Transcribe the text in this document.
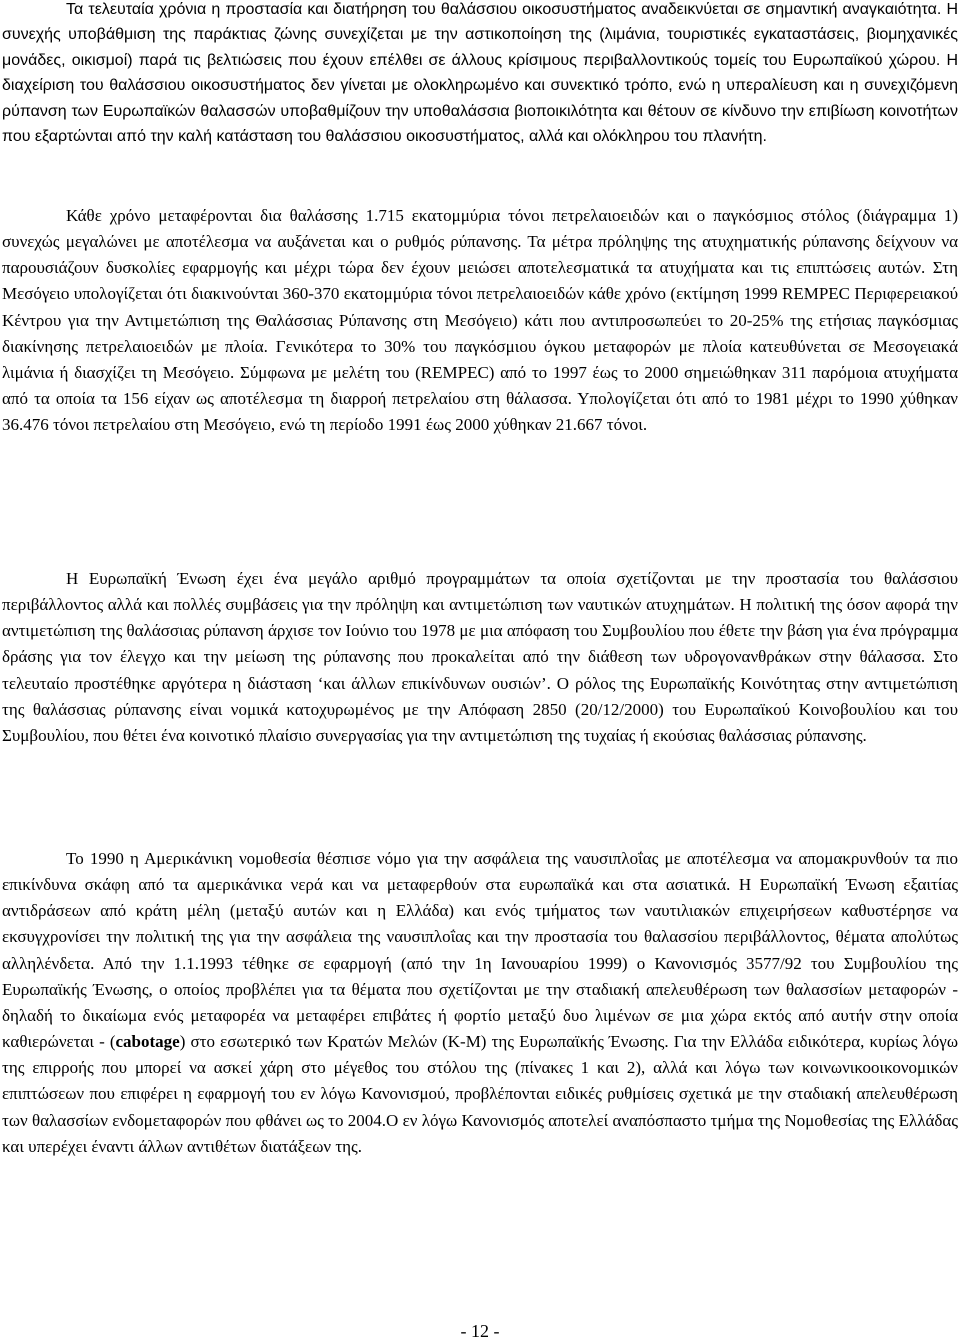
Τα τελευταία χρόνια η προστασία και διατήρηση του θαλάσσιου οικοσυστήματος αναδεικνύεται σε σημαντική αναγκαιότητα. Η συνεχής υποβάθμιση της παράκτιας ζώνης συνεχίζεται με την αστικοποίηση της (λιμάνια, τουριστικές εγκαταστάσεις, βιομηχανικές μονάδες, οικισμοί) παρά τις βελτιώσεις που έχουν επέλθει σε άλλους κρίσιμους περιβαλλοντικούς τομείς του Ευρωπαϊκού χώρου. Η διαχείριση του θαλάσσιου οικοσυστήματος δεν γίνεται με ολοκληρωμένο και συνεκτικό τρόπο, ενώ η υπεραλίευση και η συνεχιζόμενη ρύπανση των Ευρωπαϊκών θαλασσών υποβαθμίζουν την υποθαλάσσια βιοποικιλότητα και θέτουν σε κίνδυνο την επιβίωση κοινοτήτων που εξαρτώνται από την καλή κατάσταση του θαλάσσιου οικοσυστήματος, αλλά και ολόκληρου του πλανήτη.

Κάθε χρόνο μεταφέρονται δια θαλάσσης 1.715 εκατομμύρια τόνοι πετρελαιοειδών και ο παγκόσμιος στόλος (διάγραμμα 1) συνεχώς μεγαλώνει με αποτέλεσμα να αυξάνεται και ο ρυθμός ρύπανσης. Τα μέτρα πρόληψης της ατυχηματικής ρύπανσης δείχνουν να παρουσιάζουν δυσκολίες εφαρμογής και μέχρι τώρα δεν έχουν μειώσει αποτελεσματικά τα ατυχήματα και τις επιπτώσεις αυτών. Στη Μεσόγειο υπολογίζεται ότι διακινούνται 360-370 εκατομμύρια τόνοι πετρελαιοειδών κάθε χρόνο (εκτίμηση 1999 REMPEC Περιφερειακού Κέντρου για την Αντιμετώπιση της Θαλάσσιας Ρύπανσης στη Μεσόγειο) κάτι που αντιπροσωπεύει το 20-25% της ετήσιας παγκόσμιας διακίνησης πετρελαιοειδών με πλοία. Γενικότερα το 30% του παγκόσμιου όγκου μεταφορών με πλοία κατευθύνεται σε Μεσογειακά λιμάνια ή διασχίζει τη Μεσόγειο. Σύμφωνα με μελέτη του (REMPEC) από το 1997 έως το 2000 σημειώθηκαν 311 παρόμοια ατυχήματα από τα οποία τα 156 είχαν ως αποτέλεσμα τη διαρροή πετρελαίου στη θάλασσα. Υπολογίζεται ότι από το 1981 μέχρι το 1990 χύθηκαν 36.476 τόνοι πετρελαίου στη Μεσόγειο, ενώ τη περίοδο 1991 έως 2000 χύθηκαν 21.667 τόνοι.

Η Ευρωπαϊκή Ένωση έχει ένα μεγάλο αριθμό προγραμμάτων τα οποία σχετίζονται με την προστασία του θαλάσσιου περιβάλλοντος αλλά και πολλές συμβάσεις για την πρόληψη και αντιμετώπιση των ναυτικών ατυχημάτων. Η πολιτική της όσον αφορά την αντιμετώπιση της θαλάσσιας ρύπανση άρχισε τον Ιούνιο του 1978 με μια απόφαση του Συμβουλίου που έθετε την βάση για ένα πρόγραμμα δράσης για τον έλεγχο και την μείωση της ρύπανσης που προκαλείται από την διάθεση των υδρογονανθράκων στην θάλασσα. Στο τελευταίο προστέθηκε αργότερα η διάσταση ‘και άλλων επικίνδυνων ουσιών’. Ο ρόλος της Ευρωπαϊκής Κοινότητας στην αντιμετώπιση της θαλάσσιας ρύπανσης είναι νομικά κατοχυρωμένος με την Απόφαση 2850 (20/12/2000) του Ευρωπαϊκού Κοινοβουλίου και του Συμβουλίου, που θέτει ένα κοινοτικό πλαίσιο συνεργασίας για την αντιμετώπιση της τυχαίας ή εκούσιας θαλάσσιας ρύπανσης.

Το 1990 η Αμερικάνικη νομοθεσία θέσπισε νόμο για την ασφάλεια της ναυσιπλοΐας με αποτέλεσμα να απομακρυνθούν τα πιο επικίνδυνα σκάφη από τα αμερικάνικα νερά και να μεταφερθούν στα ευρωπαϊκά και στα ασιατικά. Η Ευρωπαϊκή Ένωση εξαιτίας αντιδράσεων από κράτη μέλη (μεταξύ αυτών και η Ελλάδα) και ενός τμήματος των ναυτιλιακών επιχειρήσεων καθυστέρησε να εκσυγχρονίσει την πολιτική της για την ασφάλεια της ναυσιπλοΐας και την προστασία του θαλασσίου περιβάλλοντος, θέματα απολύτως αλληλένδετα. Από την 1.1.1993 τέθηκε σε εφαρμογή (από την 1η Ιανουαρίου 1999) ο Κανονισμός 3577/92 του Συμβουλίου της Ευρωπαϊκής Ένωσης, ο οποίος προβλέπει για τα θέματα που σχετίζονται με την σταδιακή απελευθέρωση των θαλασσίων μεταφορών - δηλαδή το δικαίωμα ενός μεταφορέα να μεταφέρει επιβάτες ή φορτίο μεταξύ δυο λιμένων σε μια χώρα εκτός από αυτήν στην οποία καθιερώνεται - (cabotage) στο εσωτερικό των Κρατών Μελών (Κ-Μ) της Ευρωπαϊκής Ένωσης. Για την Ελλάδα ειδικότερα, κυρίως λόγω της επιρροής που μπορεί να ασκεί χάρη στο μέγεθος του στόλου της (πίνακες 1 και 2), αλλά και λόγω των κοινωνικοοικονομικών επιπτώσεων που επιφέρει η εφαρμογή του εν λόγω Κανονισμού, προβλέπονται ειδικές ρυθμίσεις σχετικά με την σταδιακή απελευθέρωση των θαλασσίων ενδομεταφορών που φθάνει ως το 2004.Ο εν λόγω Κανονισμός αποτελεί αναπόσπαστο τμήμα της Νομοθεσίας της Ελλάδας και υπερέχει έναντι άλλων αντιθέτων διατάξεων της.

- 12 -
